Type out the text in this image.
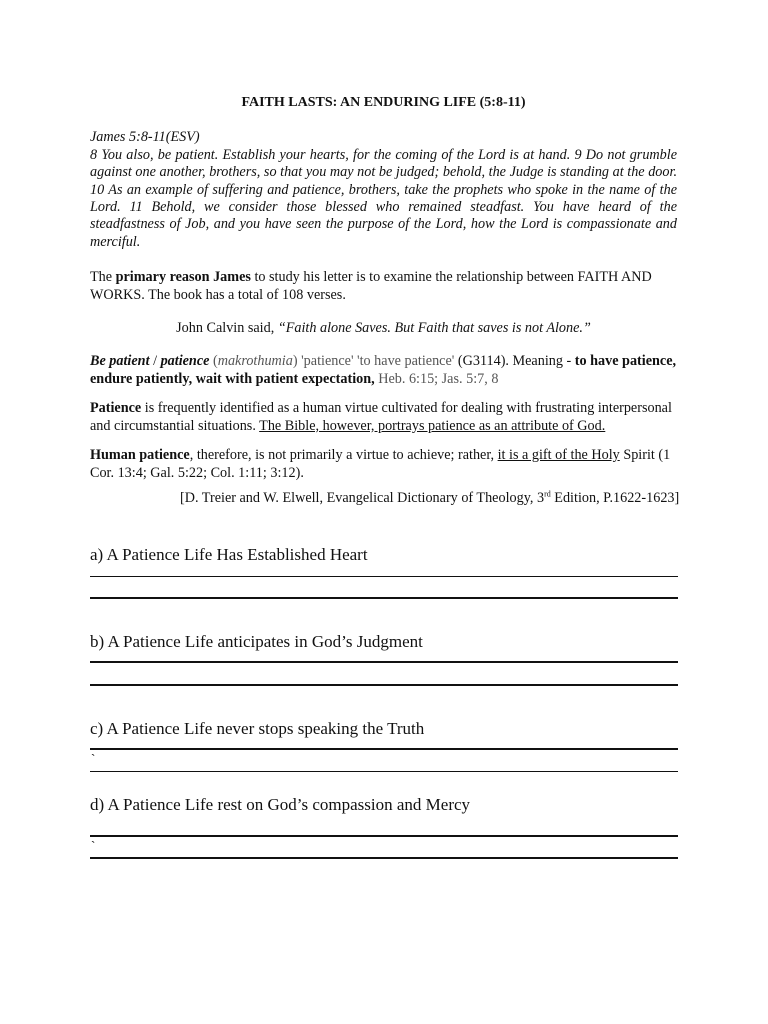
FAITH LASTS: AN ENDURING LIFE (5:8-11)

James 5:8-11(ESV)
8 You also, be patient. Establish your hearts, for the coming of the Lord is at hand. 9 Do not grumble against one another, brothers, so that you may not be judged; behold, the Judge is standing at the door. 10 As an example of suffering and patience, brothers, take the prophets who spoke in the name of the Lord. 11 Behold, we consider those blessed who remained steadfast. You have heard of the steadfastness of Job, and you have seen the purpose of the Lord, how the Lord is compassionate and merciful.

The primary reason James to study his letter is to examine the relationship between FAITH AND WORKS. The book has a total of 108 verses.

John Calvin said, “Faith alone Saves. But Faith that saves is not Alone.”

Be patient / patience (makrothumia) 'patience' 'to have patience' (G3114). Meaning - to have patience, endure patiently, wait with patient expectation, Heb. 6:15; Jas. 5:7, 8

Patience is frequently identified as a human virtue cultivated for dealing with frustrating interpersonal and circumstantial situations. The Bible, however, portrays patience as an attribute of God.

Human patience, therefore, is not primarily a virtue to achieve; rather, it is a gift of the Holy Spirit (1 Cor. 13:4; Gal. 5:22; Col. 1:11; 3:12).

[D. Treier and W. Elwell, Evangelical Dictionary of Theology, 3rd Edition, P.1622-1623]

a) A Patience Life Has Established Heart

b) A Patience Life anticipates in God’s Judgment

c) A Patience Life never stops speaking the Truth

`

d) A Patience Life rest on God’s compassion and Mercy

`
